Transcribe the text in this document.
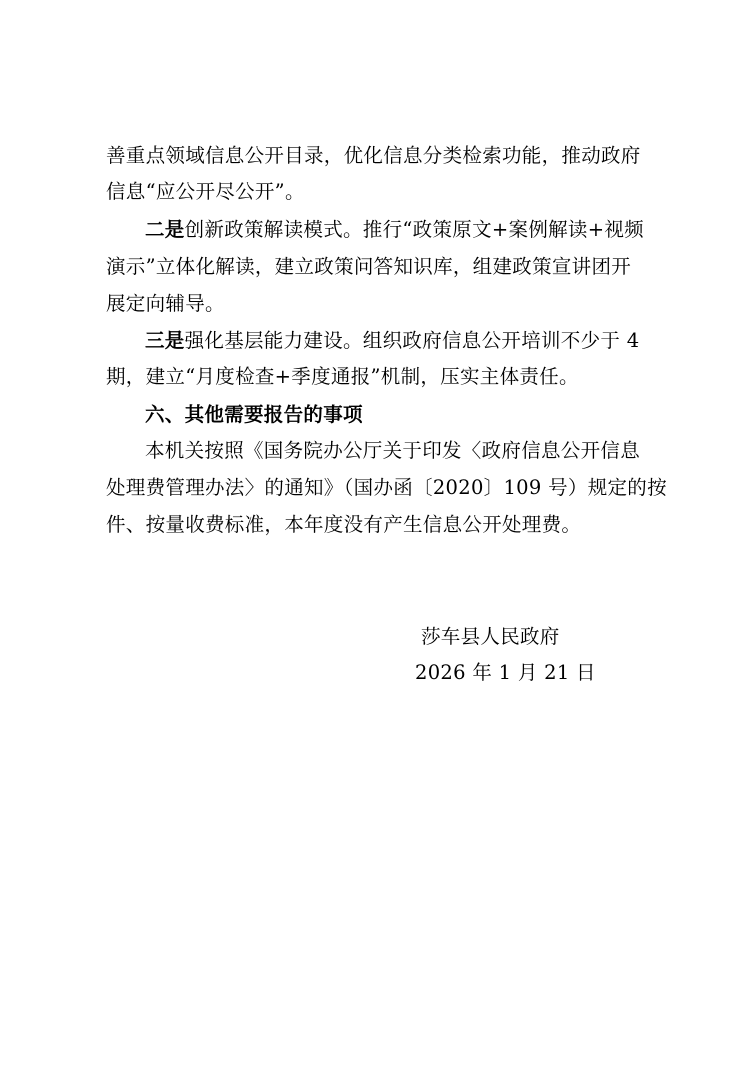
善重点领域信息公开目录，优化信息分类检索功能，推动政府
信息“应公开尽公开”。
二是创新政策解读模式。推行“政策原文+案例解读+视频
演示”立体化解读，建立政策问答知识库，组建政策宣讲团开
展定向辅导。
三是强化基层能力建设。组织政府信息公开培训不少于 4
期，建立“月度检查+季度通报”机制，压实主体责任。
六、其他需要报告的事项
本机关按照《国务院办公厅关于印发〈政府信息公开信息
处理费管理办法〉的通知》（国办函〔2020〕109 号）规定的按
件、按量收费标准，本年度没有产生信息公开处理费。
莎车县人民政府
2026 年 1 月 21 日
